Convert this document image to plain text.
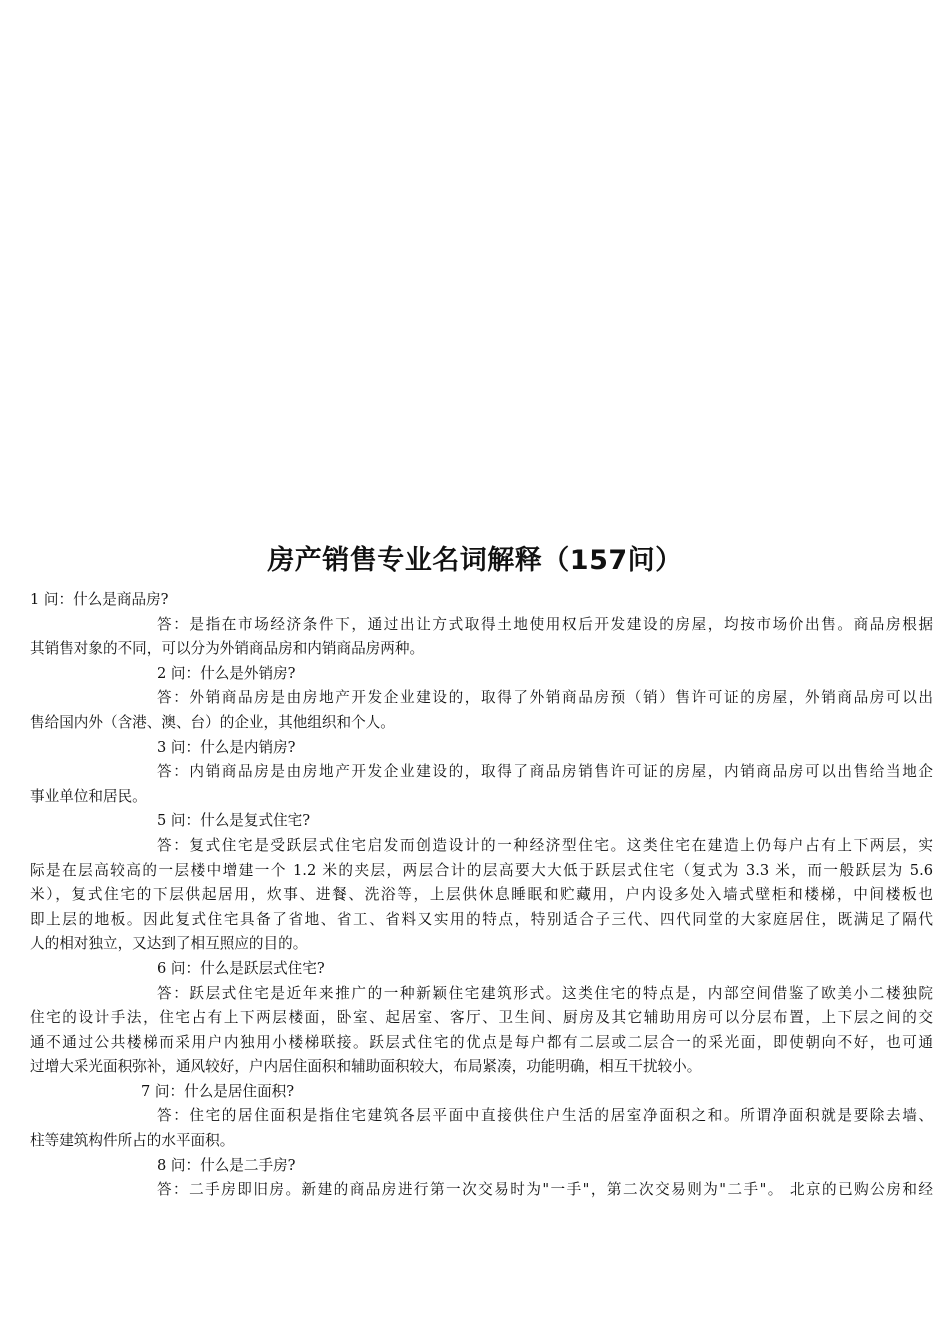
房产销售专业名词解释（157问）
1 问：什么是商品房?
答：是指在市场经济条件下，通过出让方式取得土地使用权后开发建设的房屋，均按市场价出售。商品房根据
其销售对象的不同，可以分为外销商品房和内销商品房两种。
2 问：什么是外销房?
答：外销商品房是由房地产开发企业建设的，取得了外销商品房预（销）售许可证的房屋，外销商品房可以出
售给国内外（含港、澳、台）的企业，其他组织和个人。
3 问：什么是内销房?
答：内销商品房是由房地产开发企业建设的，取得了商品房销售许可证的房屋，内销商品房可以出售给当地企
事业单位和居民。
5 问：什么是复式住宅?
答：复式住宅是受跃层式住宅启发而创造设计的一种经济型住宅。这类住宅在建造上仍每户占有上下两层，实
际是在层高较高的一层楼中增建一个 1.2 米的夹层，两层合计的层高要大大低于跃层式住宅（复式为 3.3 米，而一般跃层为 5.6
米），复式住宅的下层供起居用，炊事、进餐、洗浴等，上层供休息睡眠和贮藏用，户内设多处入墙式壁柜和楼梯，中间楼板也
即上层的地板。因此复式住宅具备了省地、省工、省料又实用的特点，特别适合子三代、四代同堂的大家庭居住，既满足了隔代
人的相对独立，又达到了相互照应的目的。
6 问：什么是跃层式住宅?
答：跃层式住宅是近年来推广的一种新颖住宅建筑形式。这类住宅的特点是，内部空间借鉴了欧美小二楼独院
住宅的设计手法，住宅占有上下两层楼面，卧室、起居室、客厅、卫生间、厨房及其它辅助用房可以分层布置，上下层之间的交
通不通过公共楼梯而采用户内独用小楼梯联接。跃层式住宅的优点是每户都有二层或二层合一的采光面，即使朝向不好，也可通
过增大采光面积弥补，通风较好，户内居住面积和辅助面积较大，布局紧凑，功能明确，相互干扰较小。
7 问：什么是居住面积?
答：住宅的居住面积是指住宅建筑各层平面中直接供住户生活的居室净面积之和。所谓净面积就是要除去墙、
柱等建筑构件所占的水平面积。
8 问：什么是二手房?
答：二手房即旧房。新建的商品房进行第一次交易时为"一手"，第二次交易则为"二手"。 北京的已购公房和经
